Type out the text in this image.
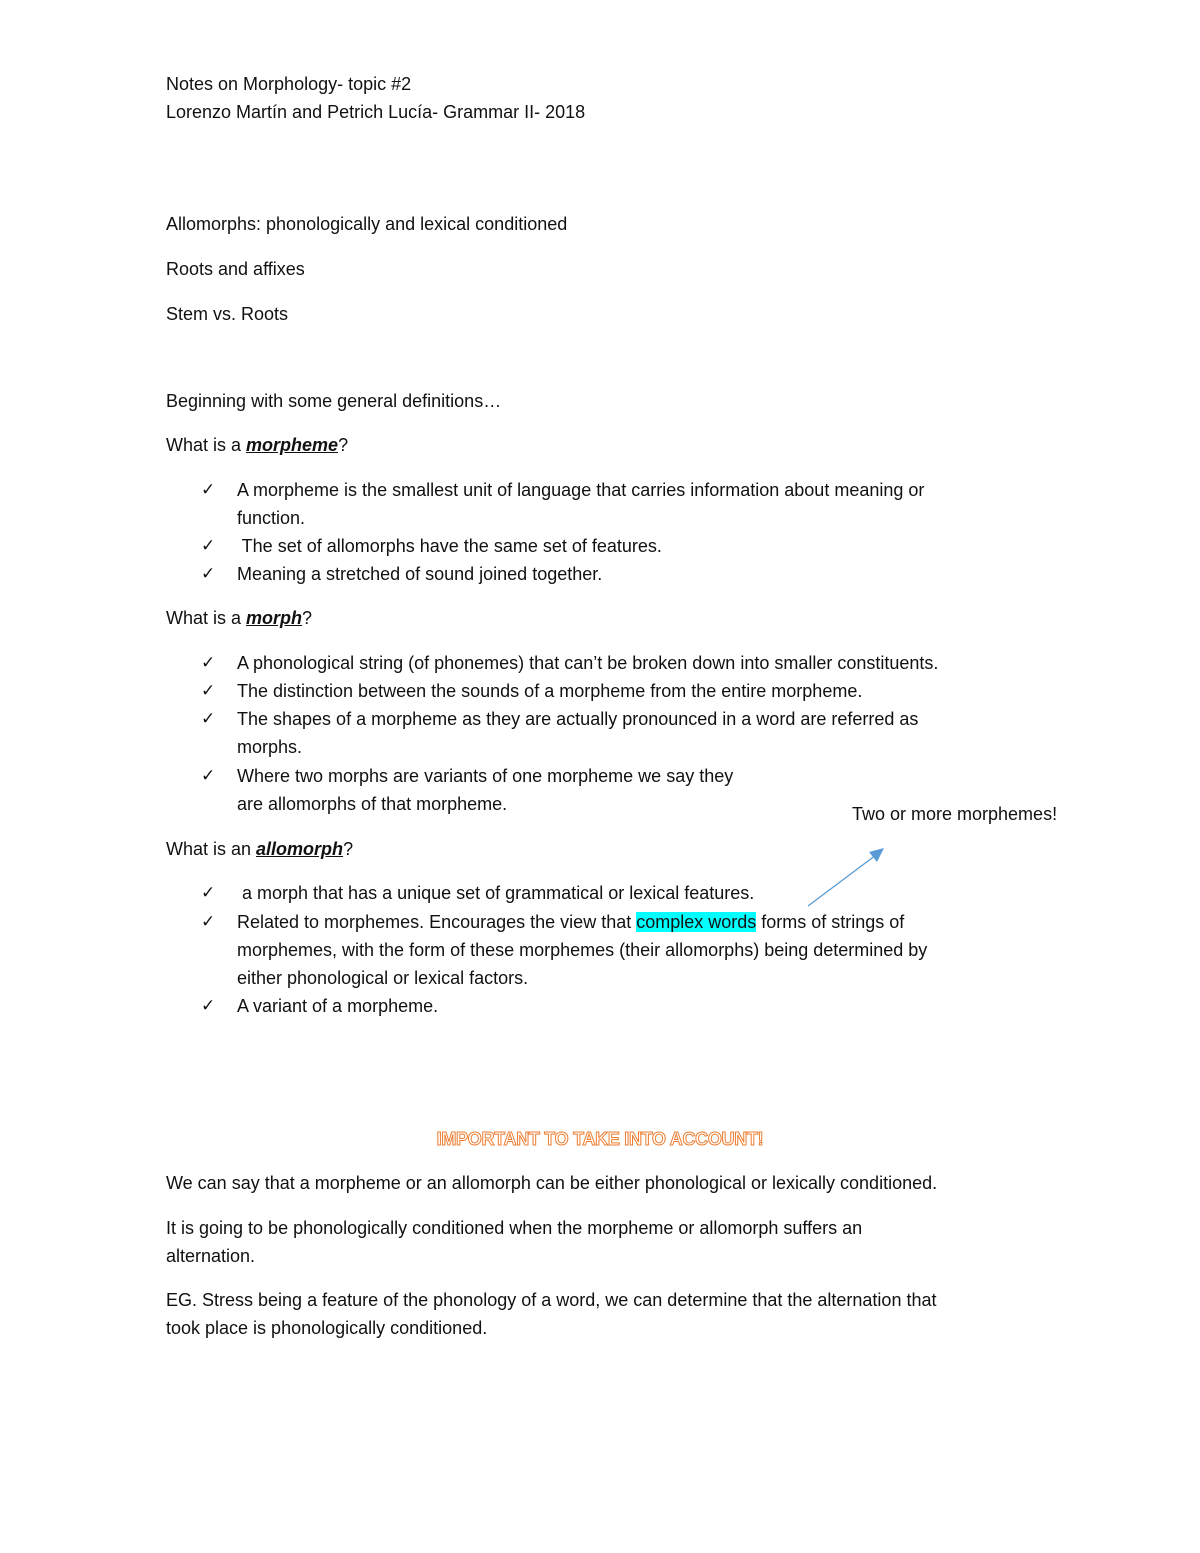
Notes on Morphology- topic #2
Lorenzo Martín and Petrich Lucía- Grammar II- 2018
Allomorphs: phonologically and lexical conditioned
Roots and affixes
Stem vs. Roots
Beginning with some general definitions…
What is a morpheme?
✓ A morpheme is the smallest unit of language that carries information about meaning or
function.
✓ The set of allomorphs have the same set of features.
✓ Meaning a stretched of sound joined together.
What is a morph?
✓ A phonological string (of phonemes) that can’t be broken down into smaller constituents.
✓ The distinction between the sounds of a morpheme from the entire morpheme.
✓ The shapes of a morpheme as they are actually pronounced in a word are referred as
morphs.
✓ Where two morphs are variants of one morpheme we say they
are allomorphs of that morpheme.	Two or more morphemes!
What is an allomorph?
✓ a morph that has a unique set of grammatical or lexical features.
✓ Related to morphemes. Encourages the view that complex words forms of strings of
morphemes, with the form of these morphemes (their allomorphs) being determined by
either phonological or lexical factors.
✓ A variant of a morpheme.
IMPORTANT TO TAKE INTO ACCOUNT!
We can say that a morpheme or an allomorph can be either phonological or lexically conditioned.
It is going to be phonologically conditioned when the morpheme or allomorph suffers an
alternation.
EG. Stress being a feature of the phonology of a word, we can determine that the alternation that
took place is phonologically conditioned.
